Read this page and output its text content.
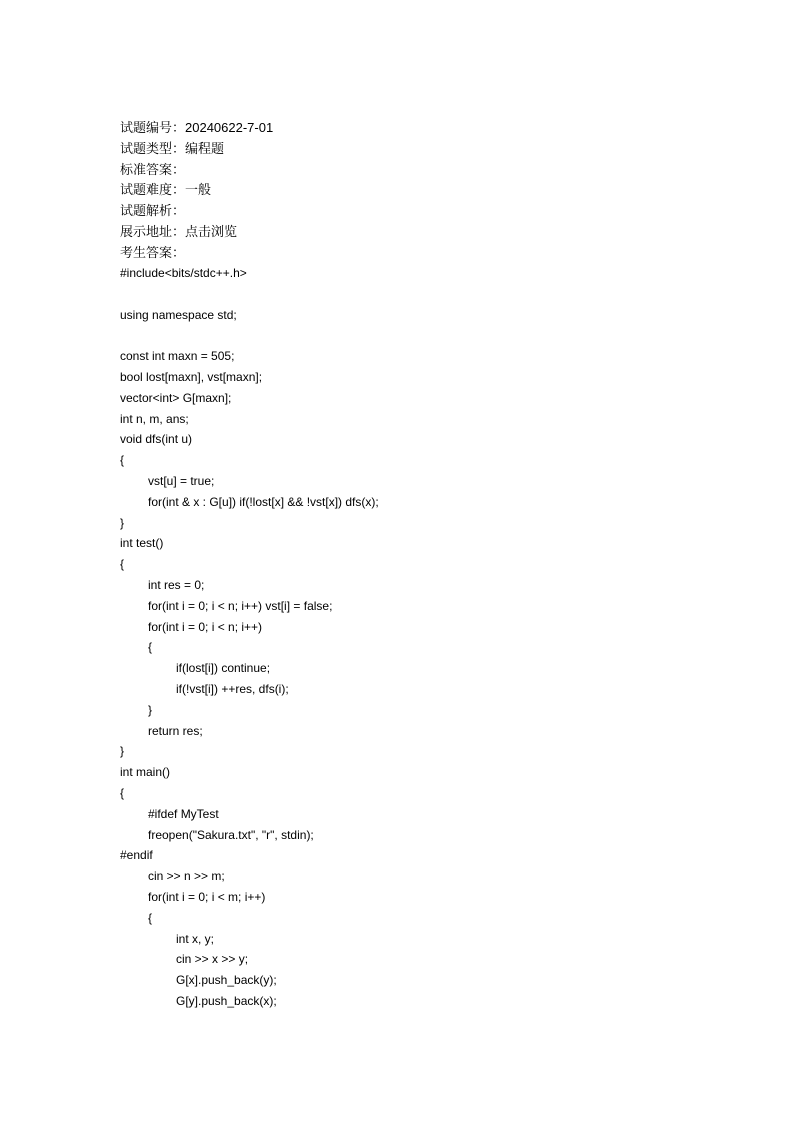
试题编号：20240622-7-01
试题类型：编程题
标准答案：
试题难度：一般
试题解析：
展示地址：点击浏览
考生答案：
#include<bits/stdc++.h>
using namespace std;
const int maxn = 505;
bool lost[maxn], vst[maxn];
vector<int> G[maxn];
int n, m, ans;
void dfs(int u)
{
vst[u] = true;
for(int & x : G[u]) if(!lost[x] && !vst[x]) dfs(x);
}
int test()
{
int res = 0;
for(int i = 0; i < n; i++) vst[i] = false;
for(int i = 0; i < n; i++)
{
if(lost[i]) continue;
if(!vst[i]) ++res, dfs(i);
}
return res;
}
int main()
{
#ifdef MyTest
freopen("Sakura.txt", "r", stdin);
#endif
cin >> n >> m;
for(int i = 0; i < m; i++)
{
int x, y;
cin >> x >> y;
G[x].push_back(y);
G[y].push_back(x);
